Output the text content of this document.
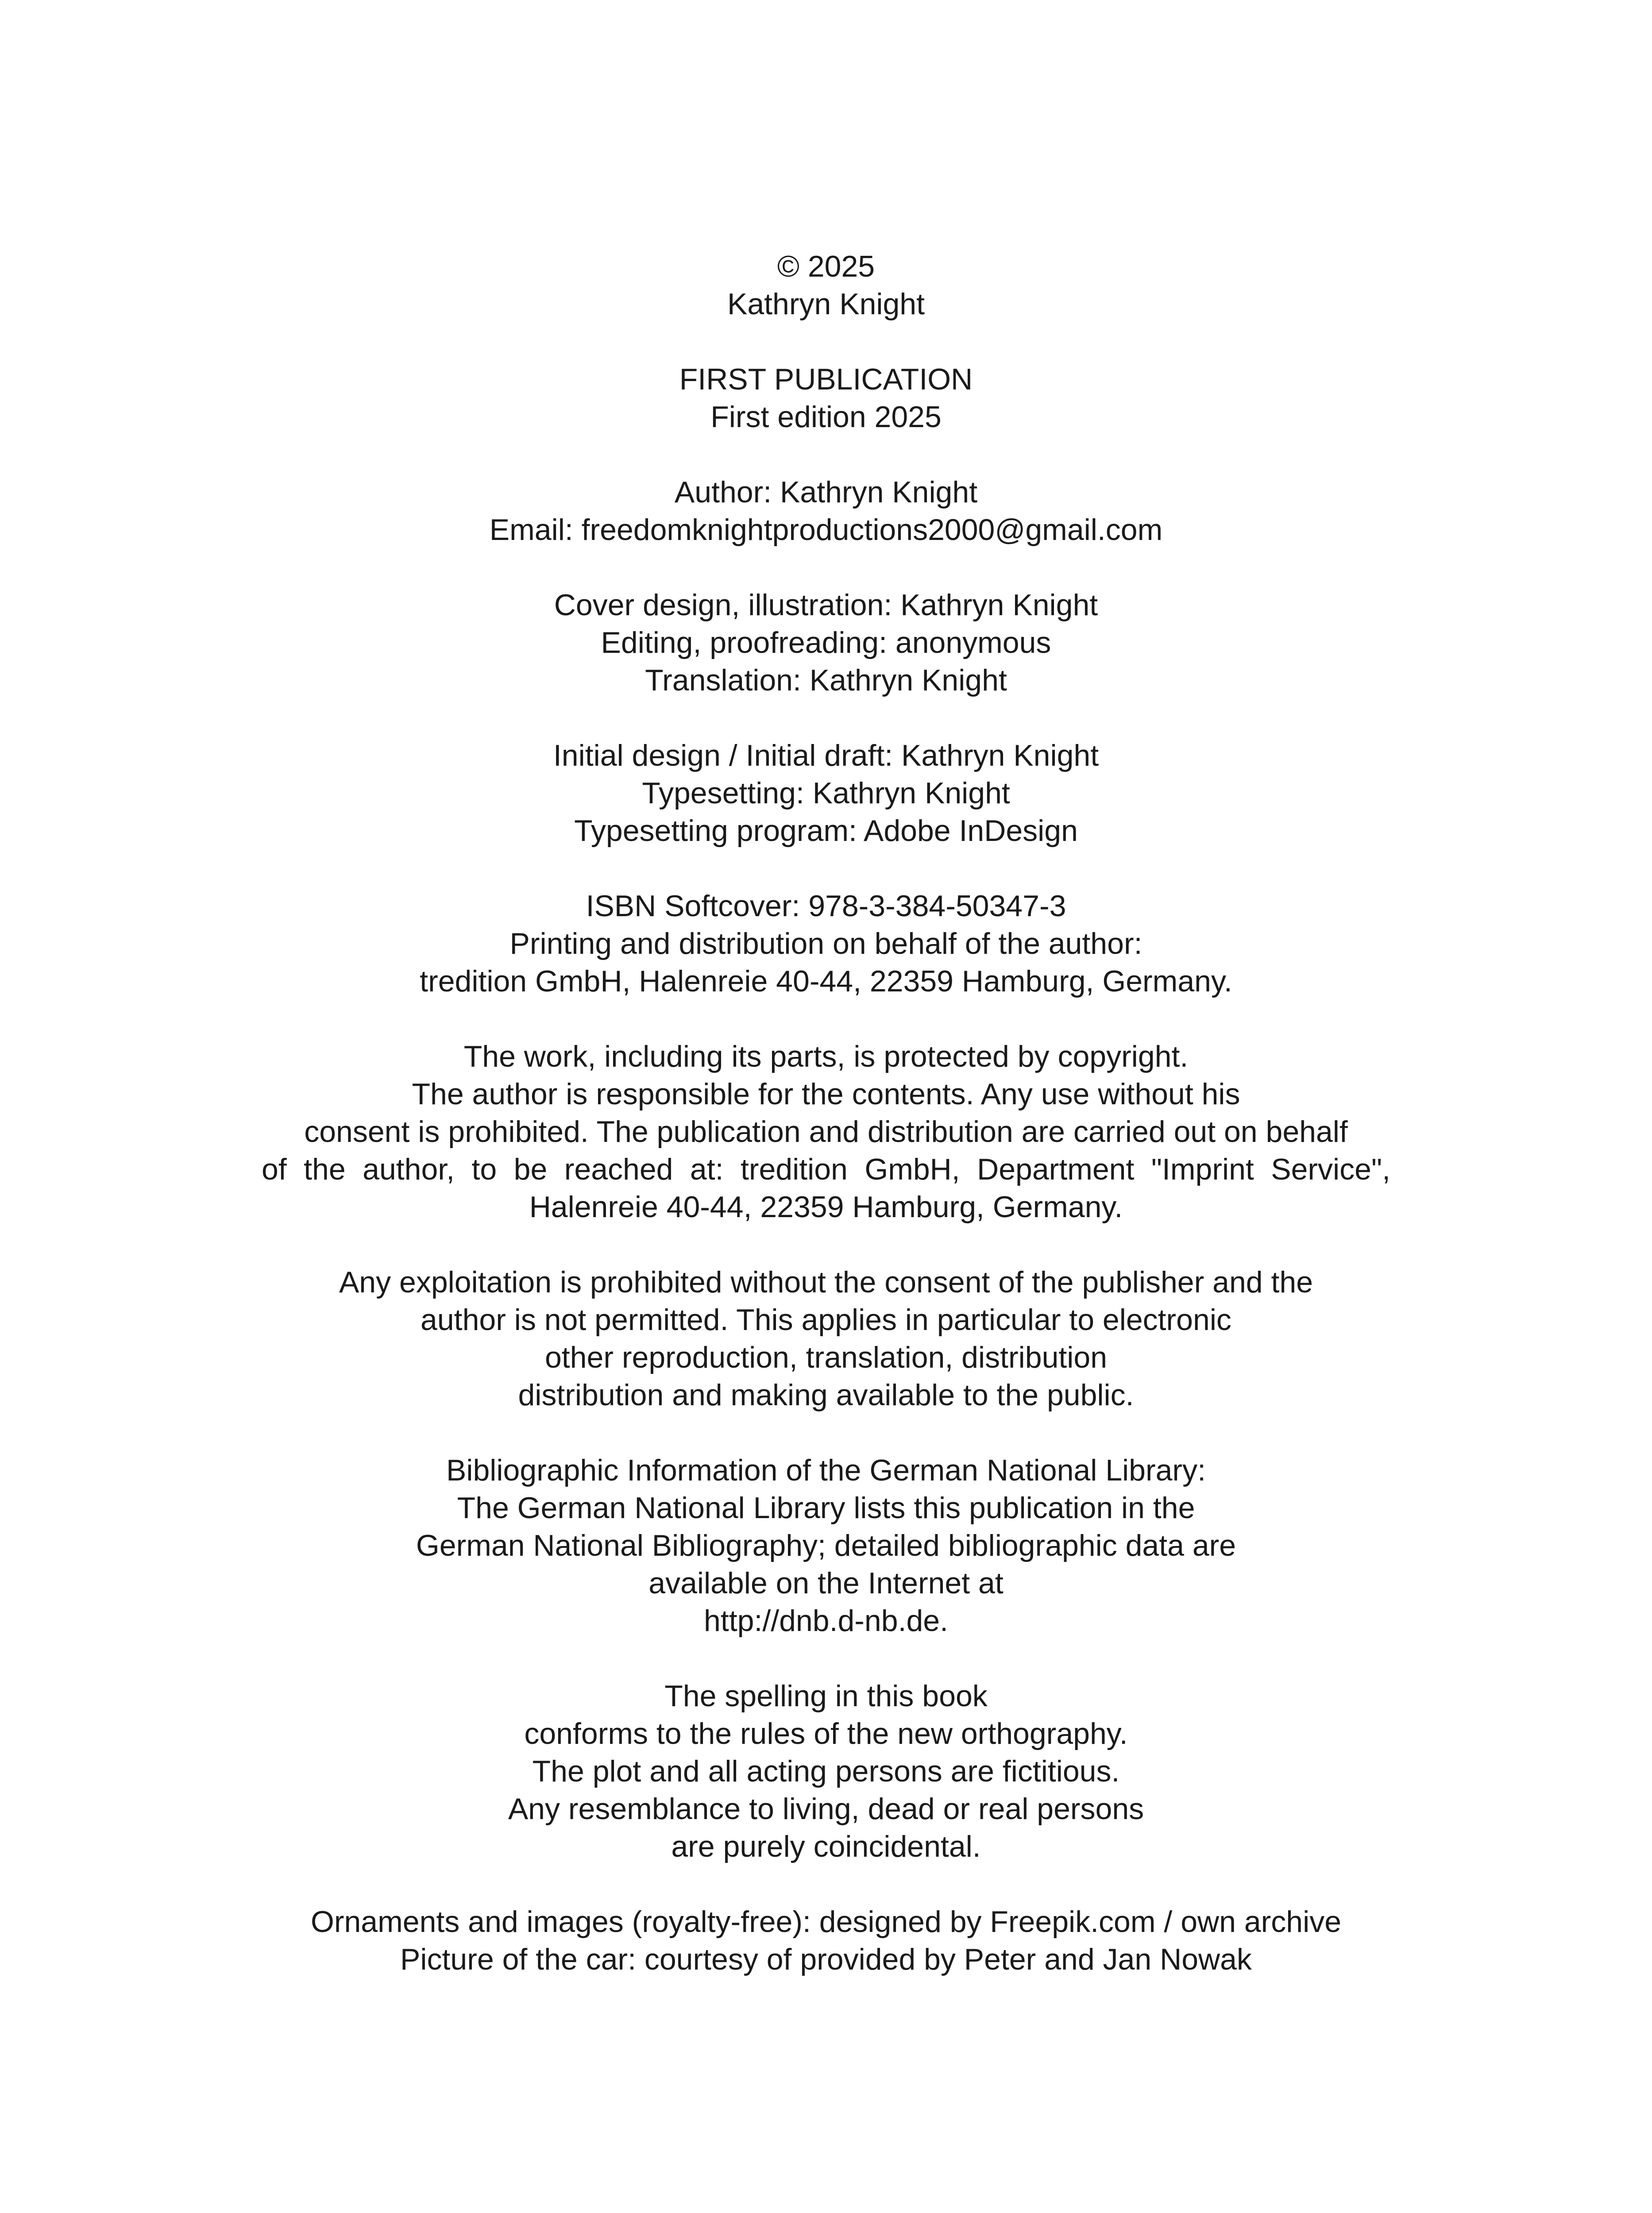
© 2025
Kathryn Knight
FIRST PUBLICATION
First edition 2025
Author: Kathryn Knight
Email: freedomknightproductions2000@gmail.com
Cover design, illustration: Kathryn Knight
Editing, proofreading: anonymous
Translation: Kathryn Knight
Initial design / Initial draft: Kathryn Knight
Typesetting: Kathryn Knight
Typesetting program: Adobe InDesign
ISBN Softcover: 978-3-384-50347-3
Printing and distribution on behalf of the author:
tredition GmbH, Halenreie 40-44, 22359 Hamburg, Germany.
The work, including its parts, is protected by copyright.
The author is responsible for the contents. Any use without his
consent is prohibited. The publication and distribution are carried out on behalf
of the author, to be reached at: tredition GmbH, Department "Imprint Service",
Halenreie 40-44, 22359 Hamburg, Germany.
Any exploitation is prohibited without the consent of the publisher and the
author is not permitted. This applies in particular to electronic
other reproduction, translation, distribution
distribution and making available to the public.
Bibliographic Information of the German National Library:
The German National Library lists this publication in the
German National Bibliography; detailed bibliographic data are
available on the Internet at
http://dnb.d-nb.de.
The spelling in this book
conforms to the rules of the new orthography.
The plot and all acting persons are fictitious.
Any resemblance to living, dead or real persons
are purely coincidental.
Ornaments and images (royalty-free): designed by Freepik.com / own archive
Picture of the car: courtesy of provided by Peter and Jan Nowak
